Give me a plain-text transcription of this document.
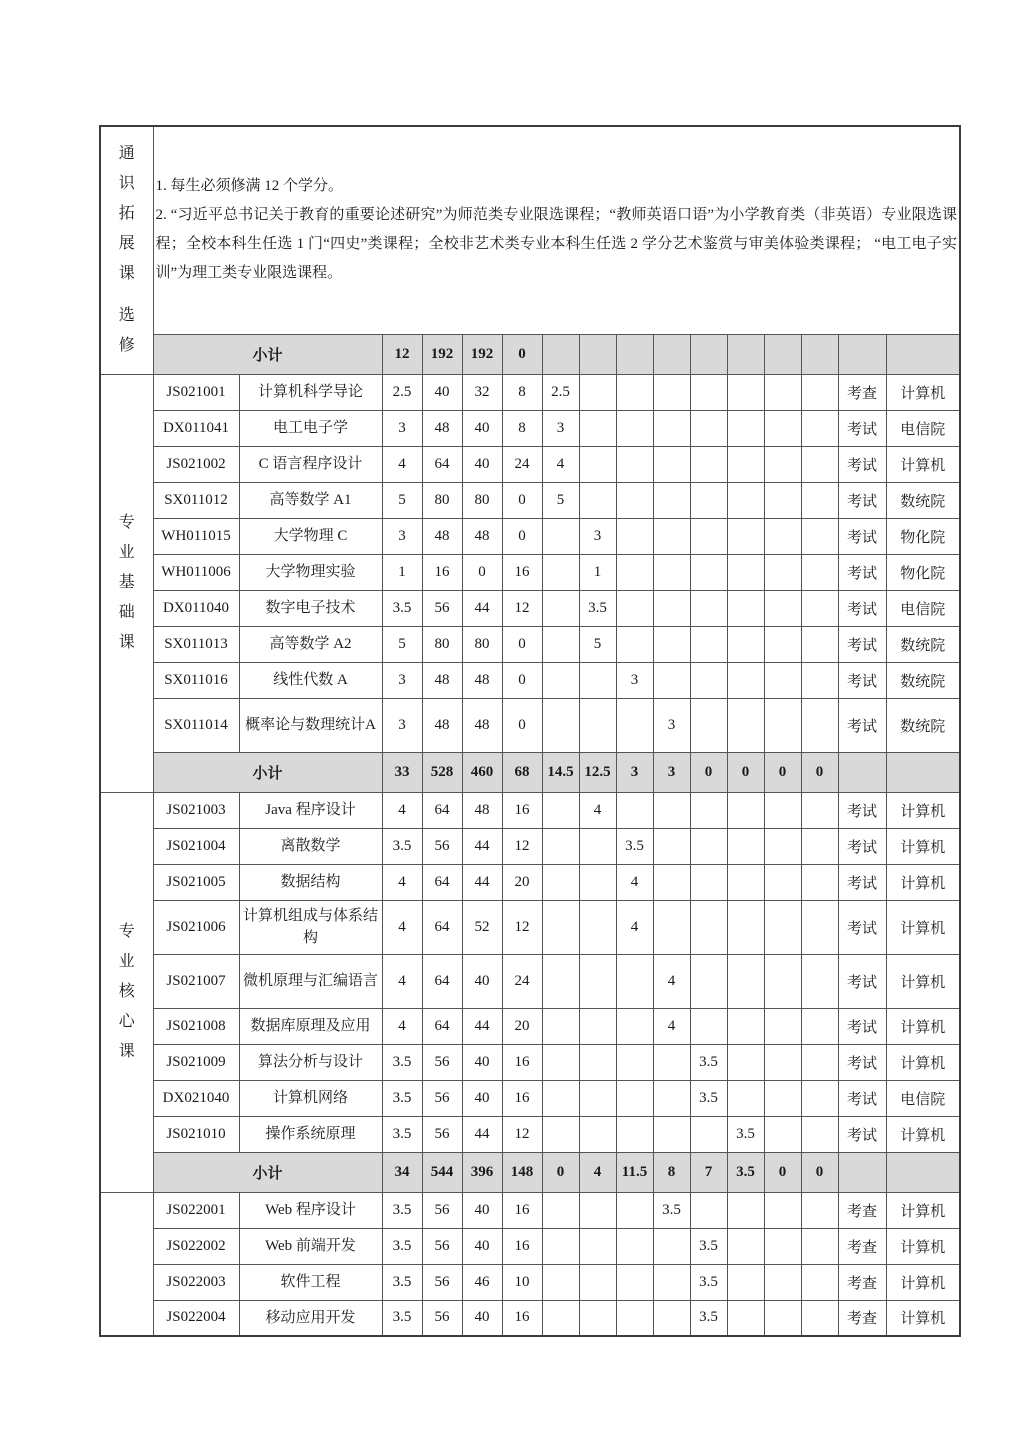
通
识
拓
展
课
选
修

1. 每生必须修满 12 个学分。

2. “习近平总书记关于教育的重要论述研究”为师范类专业限选课程；“教师英语口语”为小学教育类（非英语）专业限选课程；全校本科生任选 1 门“四史”类课程；全校非艺术类专业本科生任选 2 学分艺术鉴赏与审美体验类课程； “电工电子实训”为理工类专业限选课程。

	小计		12	192	192	0										

专
业
基
础
课	JS021001	计算机科学导论	2.5	40	32	8	2.5								考查	计算机
	DX011041	电工电子学	3	48	40	8	3								考试	电信院
	JS021002	C 语言程序设计	4	64	40	24	4								考试	计算机
	SX011012	高等数学 A1	5	80	80	0	5								考试	数统院
	WH011015	大学物理 C	3	48	48	0		3							考试	物化院
	WH011006	大学物理实验	1	16	0	16		1							考试	物化院
	DX011040	数字电子技术	3.5	56	44	12		3.5							考试	电信院
	SX011013	高等数学 A2	5	80	80	0		5							考试	数统院
	SX011016	线性代数 A	3	48	48	0			3						考试	数统院
	SX011014	概率论与数理统计A	3	48	48	0				3					考试	数统院
	小计		33	528	460	68	14.5	12.5	3	3	0	0	0	0		

专
业
核
心
课	JS021003	Java 程序设计	4	64	48	16		4							考试	计算机
	JS021004	离散数学	3.5	56	44	12			3.5						考试	计算机
	JS021005	数据结构	4	64	44	20			4						考试	计算机
	JS021006	计算机组成与体系结构	4	64	52	12			4						考试	计算机
	JS021007	微机原理与汇编语言	4	64	40	24				4					考试	计算机
	JS021008	数据库原理及应用	4	64	44	20				4					考试	计算机
	JS021009	算法分析与设计	3.5	56	40	16					3.5				考试	计算机
	DX021040	计算机网络	3.5	56	40	16					3.5				考试	电信院
	JS021010	操作系统原理	3.5	56	44	12						3.5			考试	计算机
	小计		34	544	396	148	0	4	11.5	8	7	3.5	0	0		
	JS022001	Web 程序设计	3.5	56	40	16				3.5					考查	计算机
	JS022002	Web 前端开发	3.5	56	40	16					3.5				考查	计算机
	JS022003	软件工程	3.5	56	46	10					3.5				考查	计算机
	JS022004	移动应用开发	3.5	56	40	16					3.5				考查	计算机
